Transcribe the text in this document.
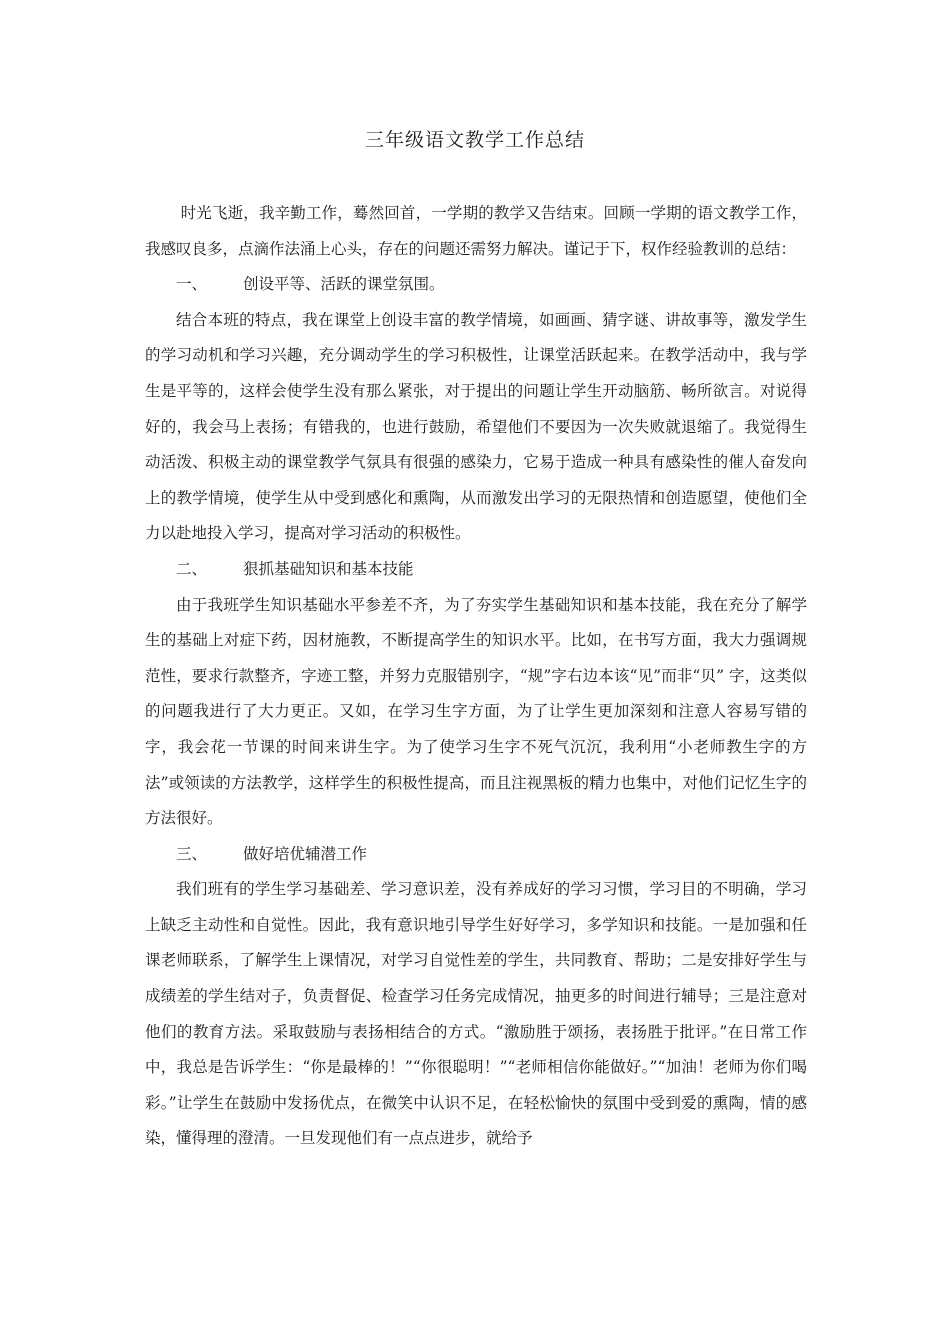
三年级语文教学工作总结

时光飞逝，我辛勤工作，蓦然回首，一学期的教学又告结束。回顾一学期的语文教学工作，我感叹良多，点滴作法涌上心头，存在的问题还需努力解决。谨记于下，权作经验教训的总结：

一、 创设平等、活跃的课堂氛围。

结合本班的特点，我在课堂上创设丰富的教学情境，如画画、猜字谜、讲故事等，激发学生的学习动机和学习兴趣，充分调动学生的学习积极性，让课堂活跃起来。在教学活动中，我与学生是平等的，这样会使学生没有那么紧张，对于提出的问题让学生开动脑筋、畅所欲言。对说得好的，我会马上表扬；有错我的，也进行鼓励，希望他们不要因为一次失败就退缩了。我觉得生动活泼、积极主动的课堂教学气氛具有很强的感染力，它易于造成一种具有感染性的催人奋发向上的教学情境，使学生从中受到感化和熏陶，从而激发出学习的无限热情和创造愿望，使他们全力以赴地投入学习，提高对学习活动的积极性。

二、 狠抓基础知识和基本技能

由于我班学生知识基础水平参差不齐，为了夯实学生基础知识和基本技能，我在充分了解学生的基础上对症下药，因材施教，不断提高学生的知识水平。比如，在书写方面，我大力强调规范性，要求行款整齐，字迹工整，并努力克服错别字，“规”字右边本该“见”而非“贝” 字，这类似的问题我进行了大力更正。又如，在学习生字方面，为了让学生更加深刻和注意人容易写错的字，我会花一节课的时间来讲生字。为了使学习生字不死气沉沉，我利用“小老师教生字的方法”或领读的方法教学，这样学生的积极性提高，而且注视黑板的精力也集中，对他们记忆生字的方法很好。

三、 做好培优辅潜工作

我们班有的学生学习基础差、学习意识差，没有养成好的学习习惯，学习目的不明确，学习上缺乏主动性和自觉性。因此，我有意识地引导学生好好学习，多学知识和技能。一是加强和任课老师联系，了解学生上课情况，对学习自觉性差的学生，共同教育、帮助；二是安排好学生与成绩差的学生结对子，负责督促、检查学习任务完成情况，抽更多的时间进行辅导；三是注意对他们的教育方法。采取鼓励与表扬相结合的方式。“激励胜于颂扬，表扬胜于批评。”在日常工作中，我总是告诉学生：“你是最棒的！”“你很聪明！”“老师相信你能做好。”“加油！老师为你们喝彩。”让学生在鼓励中发扬优点，在微笑中认识不足，在轻松愉快的氛围中受到爱的熏陶，情的感染，懂得理的澄清。一旦发现他们有一点点进步，就给予
